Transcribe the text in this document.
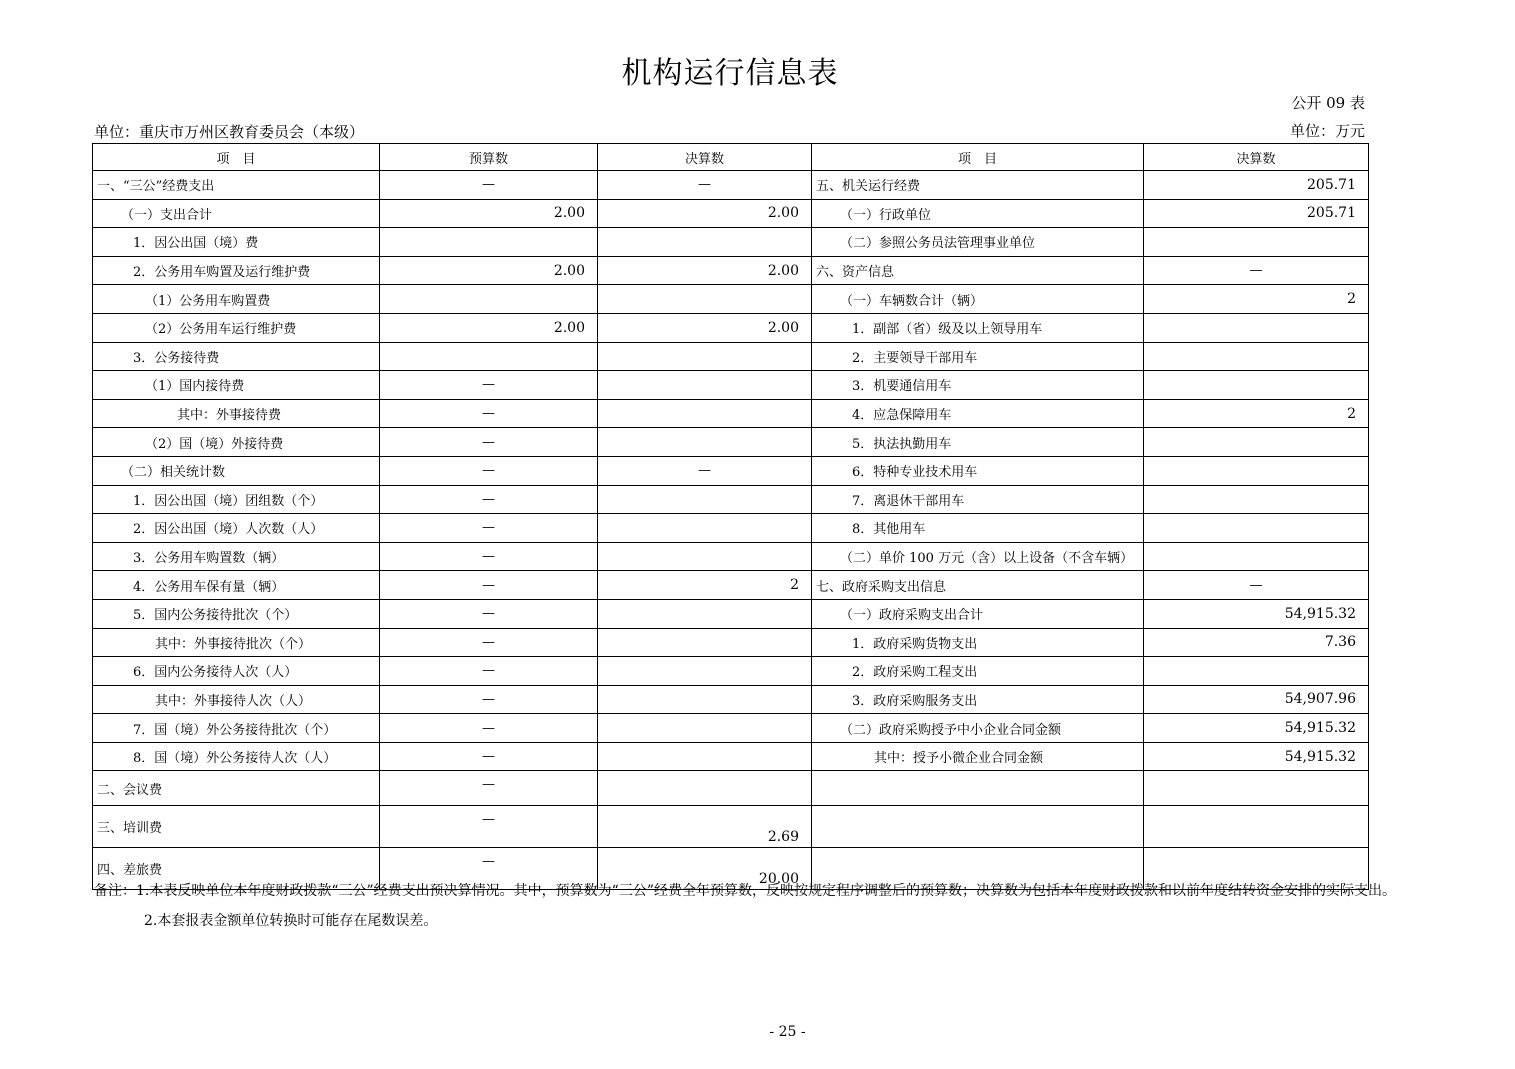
机构运行信息表
公开 09 表
单位：重庆市万州区教育委员会（本级）	单位：万元
项　目	预算数	决算数	项　目	决算数
一、“三公”经费支出	—	—	五、机关运行经费	205.71
（一）支出合计	2.00	2.00	（一）行政单位	205.71
1．因公出国（境）费			（二）参照公务员法管理事业单位	
2．公务用车购置及运行维护费	2.00	2.00	六、资产信息	—
（1）公务用车购置费			（一）车辆数合计（辆）	2
（2）公务用车运行维护费	2.00	2.00	1．副部（省）级及以上领导用车	
3．公务接待费			2．主要领导干部用车	
（1）国内接待费	—		3．机要通信用车	
其中：外事接待费	—		4．应急保障用车	2
（2）国（境）外接待费	—		5．执法执勤用车	
（二）相关统计数	—	—	6．特种专业技术用车	
1．因公出国（境）团组数（个）	—		7．离退休干部用车	
2．因公出国（境）人次数（人）	—		8．其他用车	
3．公务用车购置数（辆）	—		（二）单价 100 万元（含）以上设备（不含车辆）	
4．公务用车保有量（辆）	—	2	七、政府采购支出信息	—
5．国内公务接待批次（个）	—		（一）政府采购支出合计	54,915.32
其中：外事接待批次（个）	—		1．政府采购货物支出	7.36
6．国内公务接待人次（人）	—		2．政府采购工程支出	
其中：外事接待人次（人）	—		3．政府采购服务支出	54,907.96
7．国（境）外公务接待批次（个）	—		（二）政府采购授予中小企业合同金额	54,915.32
8．国（境）外公务接待人次（人）	—		其中：授予小微企业合同金额	54,915.32
二、会议费	—			
三、培训费	—	2.69		
四、差旅费	—	20.00		
备注：1.本表反映单位本年度财政拨款“三公”经费支出预决算情况。其中，预算数为“三公”经费全年预算数，反映按规定程序调整后的预算数；决算数为包括本年度财政拨款和以前年度结转资金安排的实际支出。
2.本套报表金额单位转换时可能存在尾数误差。
- 25 -
